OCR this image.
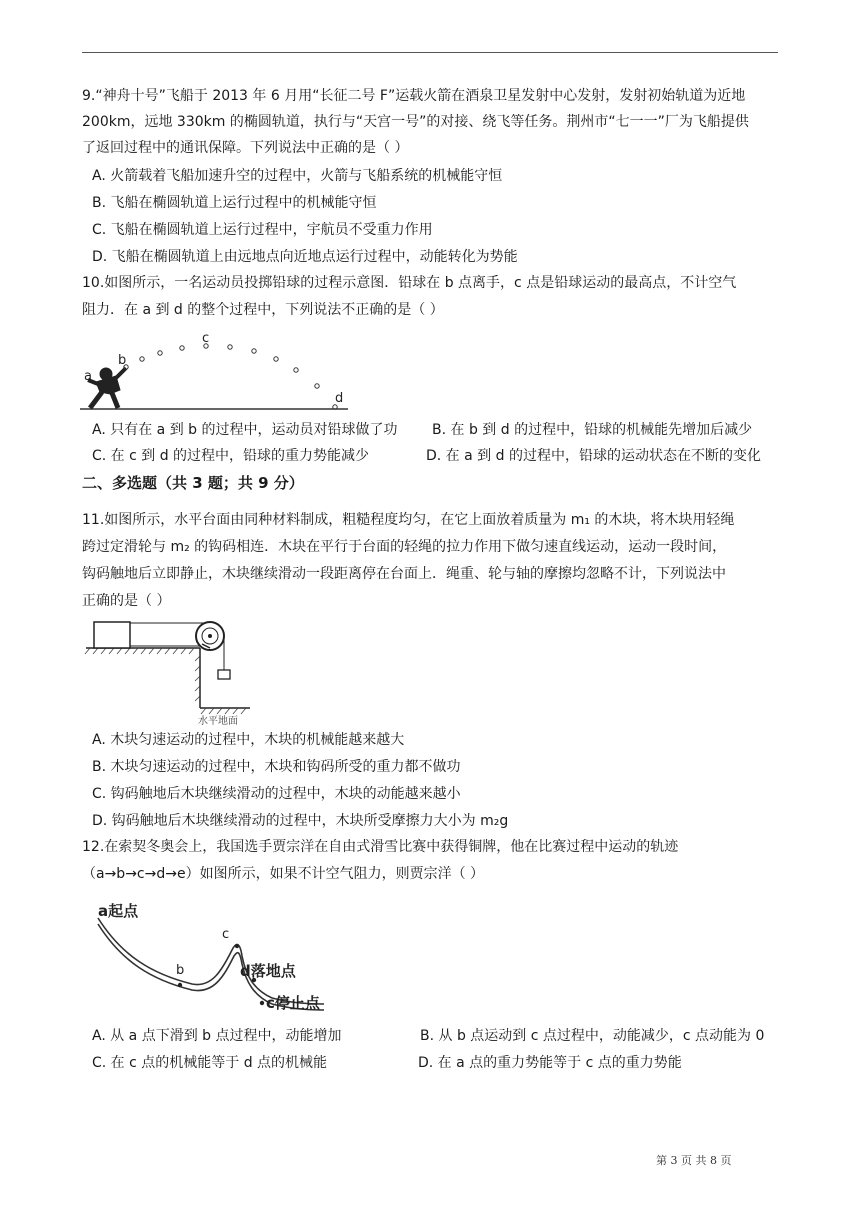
9.“神舟十号”飞船于 2013 年 6 月用“长征二号 F”运载火箭在酒泉卫星发射中心发射，发射初始轨道为近地
200km，远地 330km 的椭圆轨道，执行与“天宫一号”的对接、绕飞等任务。荆州市“七一一”厂为飞船提供
了返回过程中的通讯保障。下列说法中正确的是（ ）
A. 火箭载着飞船加速升空的过程中，火箭与飞船系统的机械能守恒
B. 飞船在椭圆轨道上运行过程中的机械能守恒
C. 飞船在椭圆轨道上运行过程中，宇航员不受重力作用
D. 飞船在椭圆轨道上由远地点向近地点运行过程中，动能转化为势能
10.如图所示，一名运动员投掷铅球的过程示意图．铅球在 b 点离手，c 点是铅球运动的最高点，不计空气
阻力．在 a 到 d 的整个过程中，下列说法不正确的是（ ）
a
b
c
d
A. 只有在 a 到 b 的过程中，运动员对铅球做了功 B. 在 b 到 d 的过程中，铅球的机械能先增加后减少
C. 在 c 到 d 的过程中，铅球的重力势能减少	D. 在 a 到 d 的过程中，铅球的运动状态在不断的变化
二、多选题（共 3 题；共 9 分）
11.如图所示，水平台面由同种材料制成，粗糙程度均匀，在它上面放着质量为 m₁ 的木块，将木块用轻绳
跨过定滑轮与 m₂ 的钩码相连．木块在平行于台面的轻绳的拉力作用下做匀速直线运动，运动一段时间，
钩码触地后立即静止，木块继续滑动一段距离停在台面上．绳重、轮与轴的摩擦均忽略不计，下列说法中
正确的是（ ）
水平地面
A. 木块匀速运动的过程中，木块的机械能越来越大
B. 木块匀速运动的过程中，木块和钩码所受的重力都不做功
C. 钩码触地后木块继续滑动的过程中，木块的动能越来越小
D. 钩码触地后木块继续滑动的过程中，木块所受摩擦力大小为 m₂g
12.在索契冬奥会上，我国选手贾宗洋在自由式滑雪比赛中获得铜牌，他在比赛过程中运动的轨迹
（a→b→c→d→e）如图所示，如果不计空气阻力，则贾宗洋（ ）
a起点
b
c
d落地点
c停止点
A. 从 a 点下滑到 b 点过程中，动能增加	B. 从 b 点运动到 c 点过程中，动能减少，c 点动能为 0
C. 在 c 点的机械能等于 d 点的机械能	D. 在 a 点的重力势能等于 c 点的重力势能
第 3 页 共 8 页
